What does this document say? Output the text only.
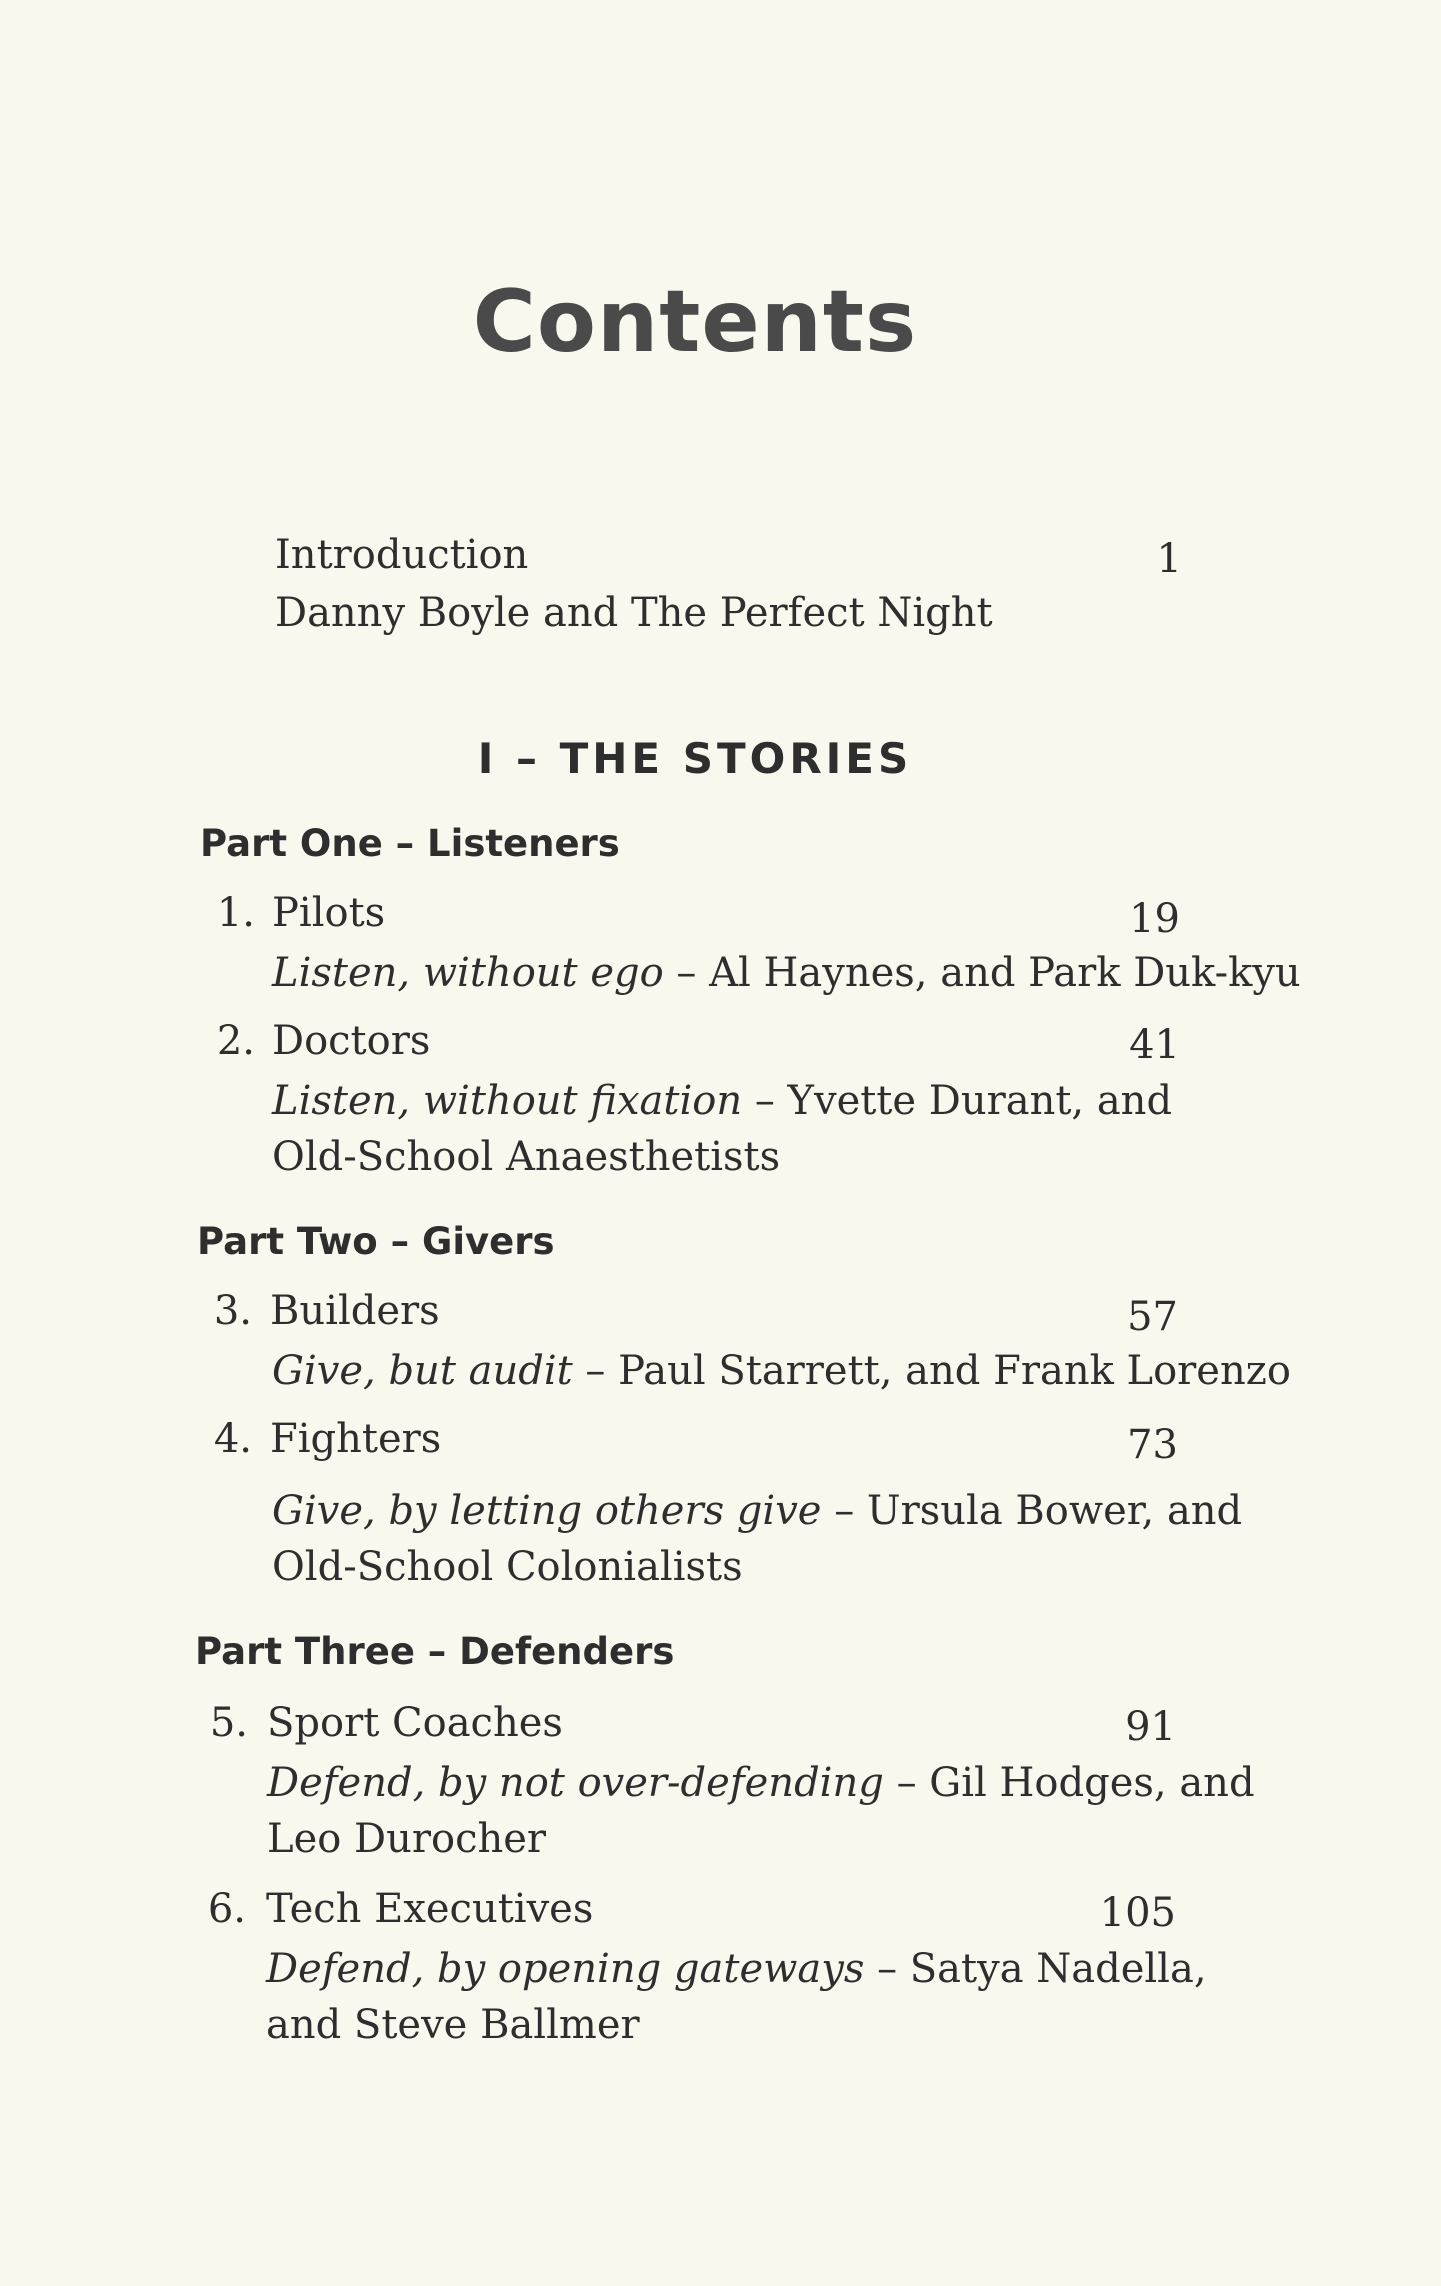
Contents
Introduction	1
Danny Boyle and The Perfect Night
I – THE STORIES
Part One – Listeners
1. Pilots	19
Listen, without ego – Al Haynes, and Park Duk-kyu
2. Doctors	41
Listen, without fixation – Yvette Durant, and
Old-School Anaesthetists
Part Two – Givers
3. Builders	57
Give, but audit – Paul Starrett, and Frank Lorenzo
4. Fighters	73
Give, by letting others give – Ursula Bower, and
Old-School Colonialists
Part Three – Defenders
5. Sport Coaches	91
Defend, by not over-defending – Gil Hodges, and
Leo Durocher
6. Tech Executives	105
Defend, by opening gateways – Satya Nadella,
and Steve Ballmer
